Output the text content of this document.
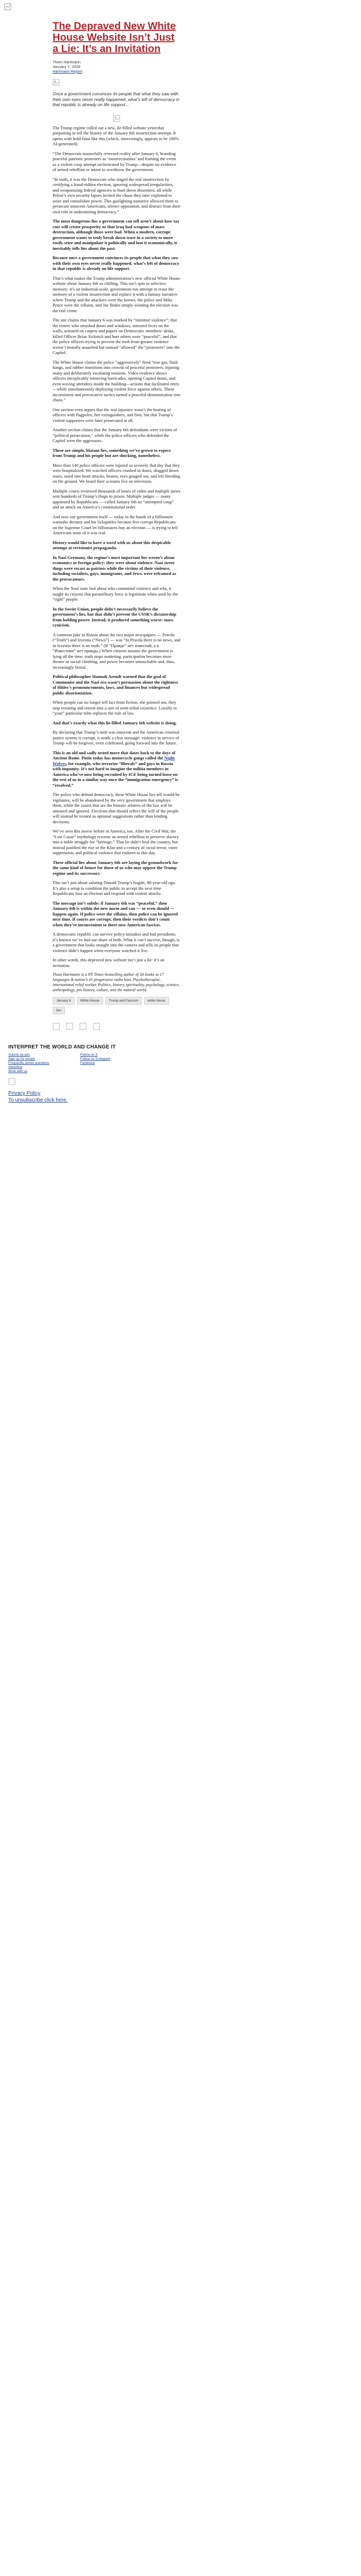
The Depraved New White House Website Isn’t Just a Lie: It’s an Invitation
Thom Hartmann
January 7, 2026
Hartmann Report

Once a government convinces its people that what they saw with their own eyes never really happened, what’s left of democracy in that republic is already on life support...

The Trump regime rolled out a new, lie-filled website yesterday purporting to tell the history of the January 6th insurrection attempt. It opens with bold-faint like this (which, interestingly, appears to be 100% AI-generated):

“The Democrats masterfully reversed reality after January 6, branding peaceful patriotic protesters as ‘insurrectionists’ and framing the event as a violent coup attempt orchestrated by Trump—despite no evidence of armed rebellion or intent to overthrow the government.

“In truth, it was the Democrats who staged the real insurrection by certifying a fraud-ridden election, ignoring widespread irregularities, and weaponizing federal agencies to hunt down dissenters, all while Pelosi’s own security lapses invited the chaos they later exploited to seize and consolidate power. This gaslighting narrative allowed them to persecute innocent Americans, silence opposition, and distract from their own role in undermining democracy.”

The most dangerous lies a government can tell aren’t about how tax cuts will create prosperity or that Iraq had weapons of mass destruction, although those were bad. When a modern, corrupt government wants to truly break down trust in a society to more easily seize and manipulate it politically and loot it economically, it inevitably tells lies about the past.

Because once a government convinces its people that what they saw with their own eyes never really happened, what’s left of democracy in that republic is already on life support.

That’s what makes the Trump administration’s new official White House website about January 6th so chilling. This isn’t spin or selective memory: it’s an industrial-scale, government-run attempt to erase the memory of a violent insurrection and replace it with a fantasy narrative where Trump and the attackers were the heroes, the police and Mike Pence were the villains, and Joe Biden simply winning the election was the real crime.

The site claims that January 6 was marked by “minimal violence”; that the rioters who smashed doors and windows, smeared feces on the walls, urinated on carpets and papers on Democratic members’ desks, killed Officer Brian Sicknick and hurt others were “peaceful”; and that the police officers trying to prevent the mob from greater violence weren’t brutally assaulted but instead “allowed” the “protesters” into the Capitol.

The White House claims the police “aggressively” fired “tear gas, flash bangs, and rubber munitions into crowds of peaceful protesters, injuring many and deliberately escalating tensions. Video evidence shows officers inexplicably removing barricades, opening Capitol doors, and even waving attendees inside the building—actions that facilitated entry—while simultaneously deploying violent force against others. These inconsistent and provocative tactics turned a peaceful demonstration into chaos.”

One section even argues that the real injustice wasn’t the beating of officers with flagpoles, fire extinguishers, and fists, but that Trump’s violent supporters were later prosecuted at all.

Another section claims that the January 6th defendants were victims of “political persecution,” while the police officers who defended the Capitol were the aggressors.

These are simple, blatant lies, something we’ve grown to expect from Trump and his people but are shocking, nonetheless.

More than 140 police officers were injured so severely that day that they were hospitalized. We watched officers crushed in doors, dragged down stairs, tased into heart attacks, beaten, eyes gouged out, and left bleeding on the ground. We heard their screams live on television.

Multiple courts reviewed thousands of hours of video and multiple juries sent hundreds of Trump’s thugs to prison. Multiple judges — many appointed by Republicans — called January 6th an “attempted coup” and an attack on America’s constitutional order.

And now our government itself — today in the hands of a billionaire wannabe dictator and his lickspittles because five corrupt Republicans on the Supreme Court let billionaires buy an election — is trying to tell Americans none of it was real.

History would like to have a word with us about this despicable attempt at revisionist propaganda.

In Nazi Germany, the regime’s most important lies weren’t about economics or foreign policy: they were about violence. Nazi street thugs were recast as patriots while the victims of their violence, including socialists, gays, immigrants, and Jews, were reframed as the provocateurs.

When the Nazi state lied about who committed violence and why, it taught its citizens that paramilitary force is legitimate when used by the “right” people.

In the Soviet Union, people didn’t necessarily believe the government’s lies, but that didn’t prevent the USSR’s dictatorship from holding power. Instead, it produced something worse: mass cynicism.

A common joke in Russia about the two major newspapers — Pravda (“Truth”) and Izvestia (“News”) — was “In Pravda there is no news, and in Izvestia there is no truth.” (В “Правде” нет известий, а в “Известиях” нет правды.) When citizens assume the government is lying all the time, truth stops mattering, participation becomes mere theater or social climbing, and power becomes untouchable and, thus, increasingly brutal.

Political philosopher Hannah Arendt warned that the goal of Communist and the Nazi era wasn’t persuasion about the rightness of Hitler’s pronouncements, laws, and finances but widespread public disorientation.

When people can no longer tell fact from fiction, she pointed out, they stop resisting and retreat into a sort of semi-tribal existence. Loyalty to “your” particular tribe replaces the rule of law.

And that’s exactly what this lie-filled January 6th website is doing.

By declaring that Trump’s mob was innocent and the American criminal justice system is corrupt, it sends a clear message: violence in service of Trump will be forgiven, even celebrated, going forward into the future.

This is an old and sadly tested move that dates back to the days of Ancient Rome. Putin today has motorcycle gangs called the Night Wolves, for example, who terrorize “liberals” and gays in Russia with impunity. It’s not hard to imagine the militia members in America who’ve now being recruited by ICE being turned loose on the rest of us in a similar way once the “immigration emergency” is “resolved.”

The police who defend democracy, these White House lies tell would-be vigilantes, will be abandoned by the very government that employs them, while the courts that are the historic arbiters of the law will be smeared and ignored. Elections that should reflect the will of the people will instead be treated as optional suggestions rather than binding decisions.

We’ve seen this movie before in America, too. After the Civil War, the “Lost Cause” mythology rewrote an armed rebellion to preserve slavery into a noble struggle for “heritage.” That lie didn’t heal the country, but instead justified the rise of the Klan and a century of racial terror, voter suppression, and political violence that endures to this day.

These official lies about January 6th are laying the groundwork for the same kind of future for those of us who may oppose the Trump regime and its successors.

This isn’t just about saluting Donald Trump’s fragile, 80-year-old ego. It’s also a setup to condition the public to accept the next time Republicans lose an election and respond with violent attacks.

The message isn’t subtle: if January 6th was “peaceful,” then January 6th is within the new norm and can — or even should — happen again. If police were the villains, then police can be ignored next time. If courts are corrupt, then their verdicts don’t count when they’re inconvenient to these new American fascists.

A democratic republic can survive policy mistakes and bad presidents; it’s known we’ve had our share of both. What it can’t survive, though, is a government that looks straight into the camera and tells its people that violence didn’t happen when everyone watched it live.

In other words, this depraved new website isn’t just a lie: it’s an invitation.

Thom Hartmann is a NY Times bestselling author of 34 books in 17 languages & nation’s #1 progressive radio host. Psychotherapist, international relief worker. Politics, history, spirituality, psychology, science, anthropology, pre-history, culture, and the natural world.

January 6	White House	Trump and Fascism	white house
lies
INTERPRET THE WORLD AND CHANGE IT
Submit op-eds
Sign up for emails
Frequently asked questions
Advertise
Work with us
Follow on X
Follow on Instagram
Facebook
Privacy Policy
To unsubscribe click here.
